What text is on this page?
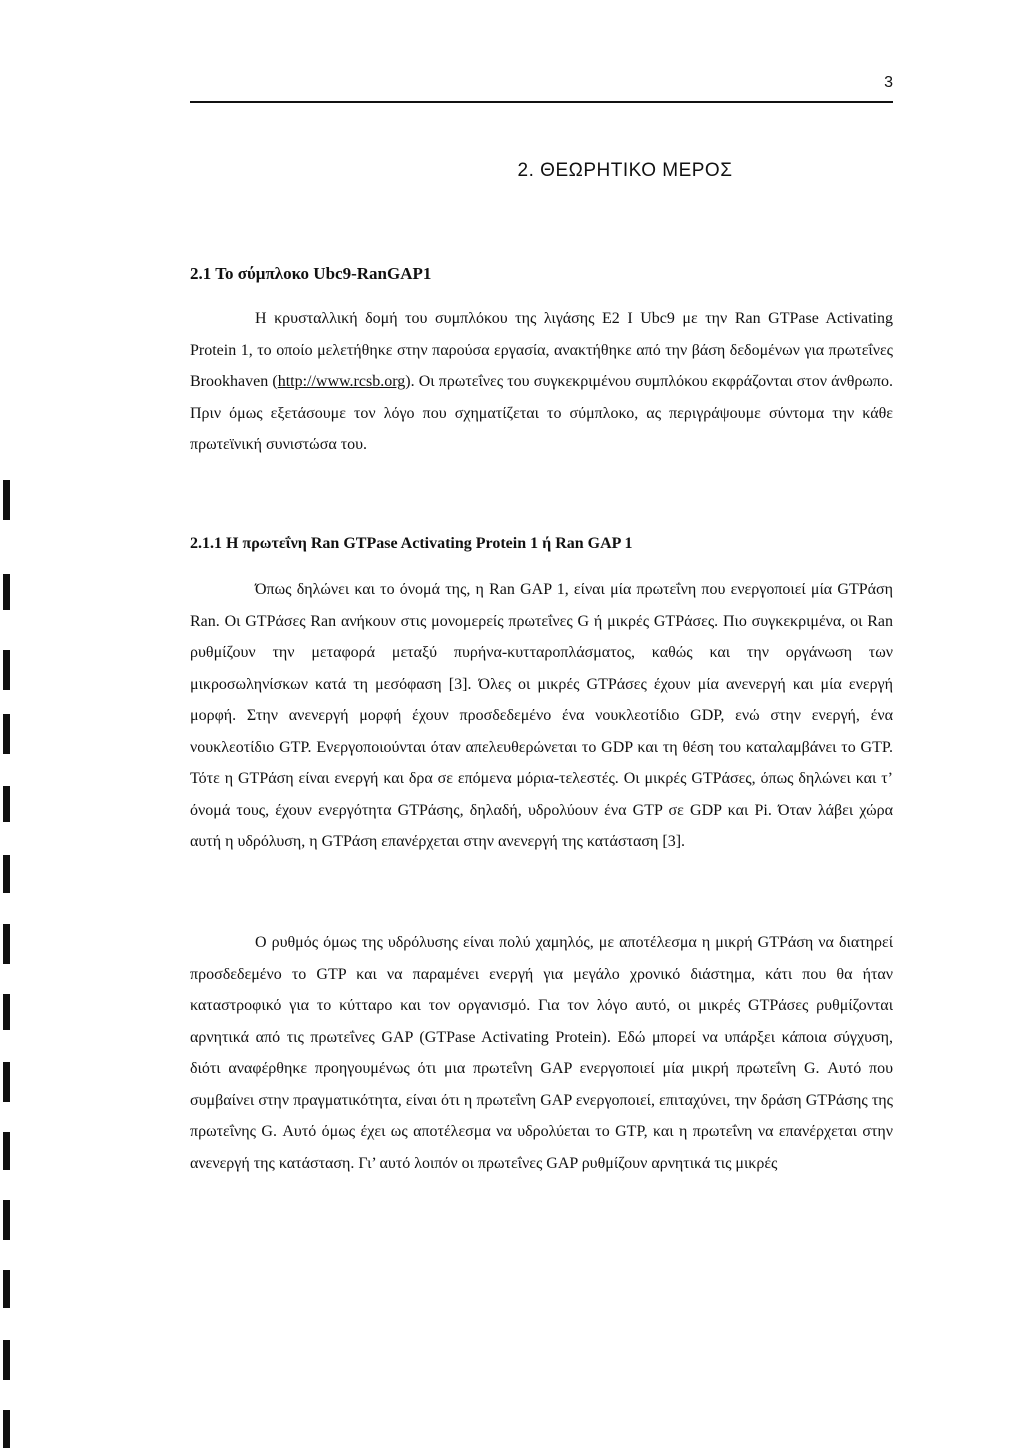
3
2. ΘΕΩΡΗΤΙΚΟ ΜΕΡΟΣ
2.1 Το σύμπλοκο Ubc9-RanGAP1

Η κρυσταλλική δομή του συμπλόκου της λιγάσης Ε2 I Ubc9 με την Ran GTPase Activating Protein 1, το οποίο μελετήθηκε στην παρούσα εργασία, ανακτήθηκε από την βάση δεδομένων για πρωτεΐνες Brookhaven (http://www.rcsb.org). Οι πρωτεΐνες του συγκεκριμένου συμπλόκου εκφράζονται στον άνθρωπο. Πριν όμως εξετάσουμε τον λόγο που σχηματίζεται το σύμπλοκο, ας περιγράψουμε σύντομα την κάθε πρωτεϊνική συνιστώσα του.

2.1.1 Η πρωτεΐνη Ran GTPase Activating Protein 1 ή Ran GAP 1

Όπως δηλώνει και το όνομά της, η Ran GAP 1, είναι μία πρωτεΐνη που ενεργοποιεί μία GTPάση Ran. Οι GTPάσες Ran ανήκουν στις μονομερείς πρωτεΐνες G ή μικρές GTPάσες. Πιο συγκεκριμένα, οι Ran ρυθμίζουν την μεταφορά μεταξύ πυρήνα-κυτταροπλάσματος, καθώς και την οργάνωση των μικροσωληνίσκων κατά τη μεσόφαση [3]. Όλες οι μικρές GTPάσες έχουν μία ανενεργή και μία ενεργή μορφή. Στην ανενεργή μορφή έχουν προσδεδεμένο ένα νουκλεοτίδιο GDP, ενώ στην ενεργή, ένα νουκλεοτίδιο GTP. Ενεργοποιούνται όταν απελευθερώνεται το GDP και τη θέση του καταλαμβάνει το GTP. Τότε η GTPάση είναι ενεργή και δρα σε επόμενα μόρια-τελεστές. Οι μικρές GTPάσες, όπως δηλώνει και τ’ όνομά τους, έχουν ενεργότητα GTPάσης, δηλαδή, υδρολύουν ένα GTP σε GDP και Pi. Όταν λάβει χώρα αυτή η υδρόλυση, η GTPάση επανέρχεται στην ανενεργή της κατάσταση [3].

Ο ρυθμός όμως της υδρόλυσης είναι πολύ χαμηλός, με αποτέλεσμα η μικρή GTPάση να διατηρεί προσδεδεμένο το GTP και να παραμένει ενεργή για μεγάλο χρονικό διάστημα, κάτι που θα ήταν καταστροφικό για το κύτταρο και τον οργανισμό. Για τον λόγο αυτό, οι μικρές GTPάσες ρυθμίζονται αρνητικά από τις πρωτεΐνες GAP (GTPase Activating Protein). Εδώ μπορεί να υπάρξει κάποια σύγχυση, διότι αναφέρθηκε προηγουμένως ότι μια πρωτεΐνη GAP ενεργοποιεί μία μικρή πρωτεΐνη G. Αυτό που συμβαίνει στην πραγματικότητα, είναι ότι η πρωτεΐνη GAP ενεργοποιεί, επιταχύνει, την δράση GTPάσης της πρωτεΐνης G. Αυτό όμως έχει ως αποτέλεσμα να υδρολύεται το GTP, και η πρωτεΐνη να επανέρχεται στην ανενεργή της κατάσταση. Γι’ αυτό λοιπόν οι πρωτεΐνες GAP ρυθμίζουν αρνητικά τις μικρές
